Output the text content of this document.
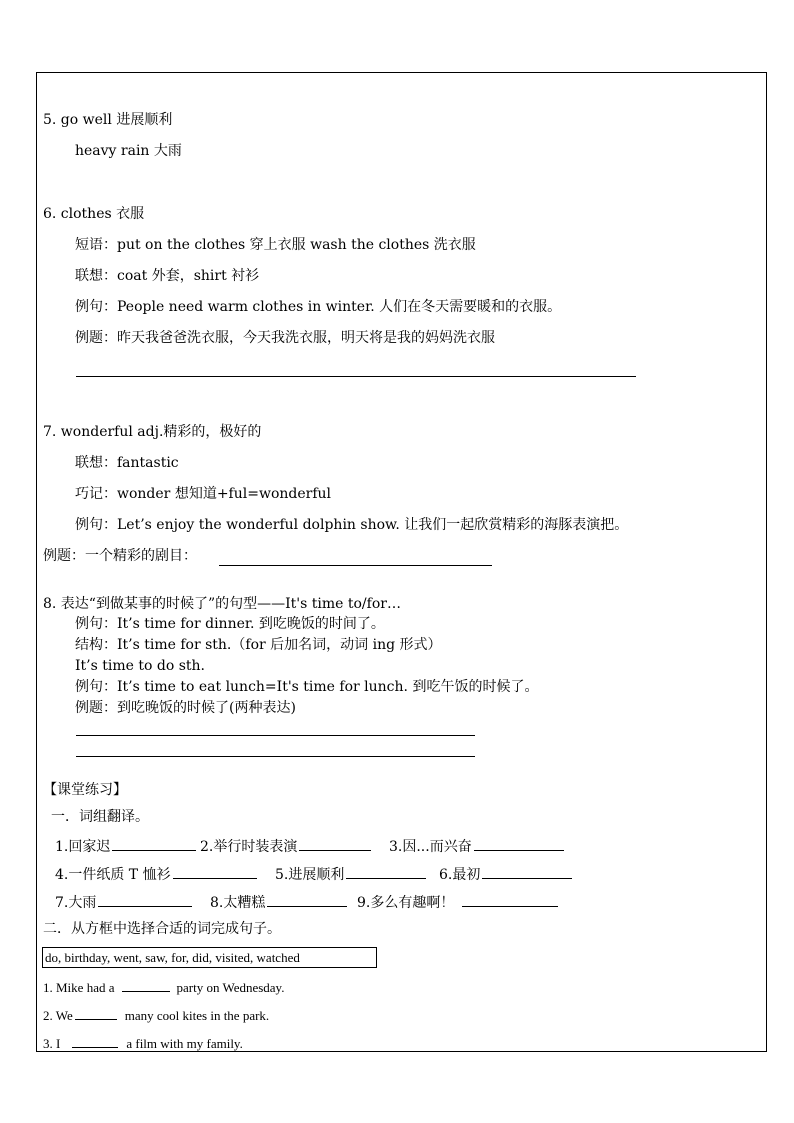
5. go well 进展顺利
heavy rain 大雨
6. clothes 衣服
短语：put on the clothes 穿上衣服 wash the clothes 洗衣服
联想：coat 外套，shirt 衬衫
例句：People need warm clothes in winter. 人们在冬天需要暖和的衣服。
例题：昨天我爸爸洗衣服，今天我洗衣服，明天将是我的妈妈洗衣服
7. wonderful adj.精彩的，极好的
联想：fantastic
巧记：wonder 想知道+ful=wonderful
例句：Let’s enjoy the wonderful dolphin show. 让我们一起欣赏精彩的海豚表演把。
例题：一个精彩的剧目：
8. 表达“到做某事的时候了”的句型——It's time to/for…
例句：It’s time for dinner. 到吃晚饭的时间了。
结构：It’s time for sth.（for 后加名词，动词 ing 形式）
It’s time to do sth.
例句：It’s time to eat lunch=It's time for lunch. 到吃午饭的时候了。
例题：到吃晚饭的时候了(两种表达)
【课堂练习】
一．词组翻译。
1.回家迟	2.举行时装表演	3.因...而兴奋
4.一件纸质 T 恤衫	5.进展顺利	6.最初
7.大雨	8.太糟糕	9.多么有趣啊！
二．从方框中选择合适的词完成句子。
do, birthday, went, saw, for, did, visited, watched
1. Mike had a	party on Wednesday.
2. We	many cool kites in the park.
3. I	a film with my family.
